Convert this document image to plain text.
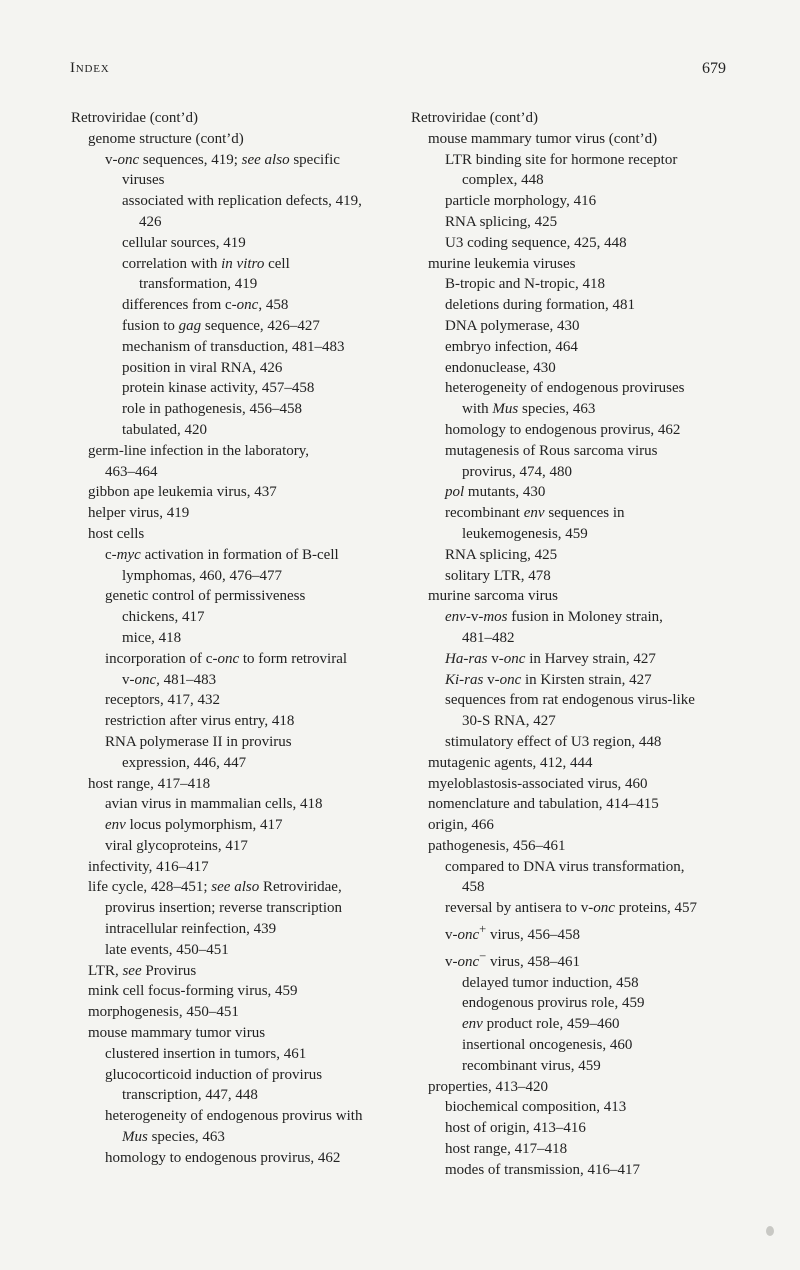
Index	679
Retroviridae (cont’d)
genome structure (cont’d)
v-onc sequences, 419; see also specific
viruses
associated with replication defects, 419,
426
cellular sources, 419
correlation with in vitro cell
transformation, 419
differences from c-onc, 458
fusion to gag sequence, 426–427
mechanism of transduction, 481–483
position in viral RNA, 426
protein kinase activity, 457–458
role in pathogenesis, 456–458
tabulated, 420
germ-line infection in the laboratory,
463–464
gibbon ape leukemia virus, 437
helper virus, 419
host cells
c-myc activation in formation of B-cell
lymphomas, 460, 476–477
genetic control of permissiveness
chickens, 417
mice, 418
incorporation of c-onc to form retroviral
v-onc, 481–483
receptors, 417, 432
restriction after virus entry, 418
RNA polymerase II in provirus
expression, 446, 447
host range, 417–418
avian virus in mammalian cells, 418
env locus polymorphism, 417
viral glycoproteins, 417
infectivity, 416–417
life cycle, 428–451; see also Retroviridae,
provirus insertion; reverse transcription
intracellular reinfection, 439
late events, 450–451
LTR, see Provirus
mink cell focus-forming virus, 459
morphogenesis, 450–451
mouse mammary tumor virus
clustered insertion in tumors, 461
glucocorticoid induction of provirus
transcription, 447, 448
heterogeneity of endogenous provirus with
Mus species, 463
homology to endogenous provirus, 462
Retroviridae (cont’d)
mouse mammary tumor virus (cont’d)
LTR binding site for hormone receptor
complex, 448
particle morphology, 416
RNA splicing, 425
U3 coding sequence, 425, 448
murine leukemia viruses
B-tropic and N-tropic, 418
deletions during formation, 481
DNA polymerase, 430
embryo infection, 464
endonuclease, 430
heterogeneity of endogenous proviruses
with Mus species, 463
homology to endogenous provirus, 462
mutagenesis of Rous sarcoma virus
provirus, 474, 480
pol mutants, 430
recombinant env sequences in
leukemogenesis, 459
RNA splicing, 425
solitary LTR, 478
murine sarcoma virus
env-v-mos fusion in Moloney strain,
481–482
Ha-ras v-onc in Harvey strain, 427
Ki-ras v-onc in Kirsten strain, 427
sequences from rat endogenous virus-like
30-S RNA, 427
stimulatory effect of U3 region, 448
mutagenic agents, 412, 444
myeloblastosis-associated virus, 460
nomenclature and tabulation, 414–415
origin, 466
pathogenesis, 456–461
compared to DNA virus transformation,
458
reversal by antisera to v-onc proteins, 457
v-onc+ virus, 456–458
v-onc− virus, 458–461
delayed tumor induction, 458
endogenous provirus role, 459
env product role, 459–460
insertional oncogenesis, 460
recombinant virus, 459
properties, 413–420
biochemical composition, 413
host of origin, 413–416
host range, 417–418
modes of transmission, 416–417
